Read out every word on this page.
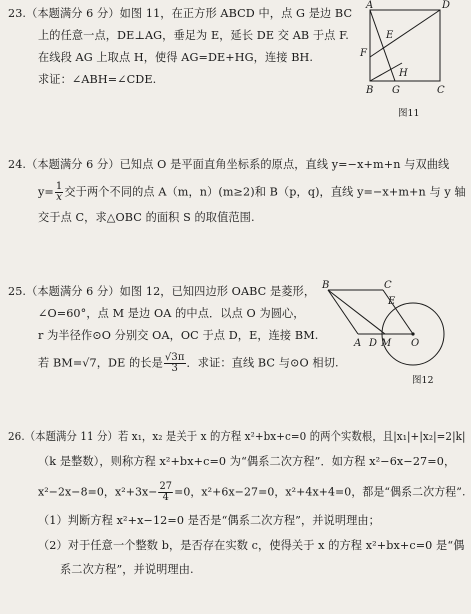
23.（本题满分 6 分）如图 11，在正方形 ABCD 中，点 G 是边 BC
上的任意一点，DE⊥AG，垂足为 E，延长 DE 交 AB 于点 F.
在线段 AG 上取点 H，使得 AG=DE+HG，连接 BH.
求证：∠ABH=∠CDE.
A	D
E
F
H
B G	C
图11
24.（本题满分 6 分）已知点 O 是平面直角坐标系的原点，直线 y=−x+m+n 与双曲线
$y= \frac{1}{x}$ 交于两个不同的点 A（m，n）(m≥2)和 B（p，q)，直线 y=−x+m+n 与 y 轴
交于点 C，求△OBC 的面积 S 的取值范围.
25.（本题满分 6 分）如图 12，已知四边形 OABC 是菱形，
∠O=60°，点 M 是边 OA 的中点．以点 O 为圆心，
r 为半径作⊙O 分别交 OA，OC 于点 D，E，连接 BM.
若 BM=√7，DE 的长是 $\frac{√3\pi}{3}$ ．求证：直线 BC 与⊙O 相切.
B	C
E
A D M O
图12
26.（本题满分 11 分）若 x₁，x₂ 是关于 x 的方程 x²+bx+c=0 的两个实数根，且|x₁|+|x₂|=2|k|
（k 是整数），则称方程 x²+bx+c=0 为“偶系二次方程”．如方程 x²−6x−27=0，
x²−2x−8=0，$x^2+3x- \frac{27}{4} =0$，x²+6x−27=0，x²+4x+4=0，都是“偶系二次方程”.
（1）判断方程 x²+x−12=0 是否是“偶系二次方程”，并说明理由；
（2）对于任意一个整数 b，是否存在实数 c，使得关于 x 的方程 x²+bx+c=0 是“偶
系二次方程”，并说明理由.
